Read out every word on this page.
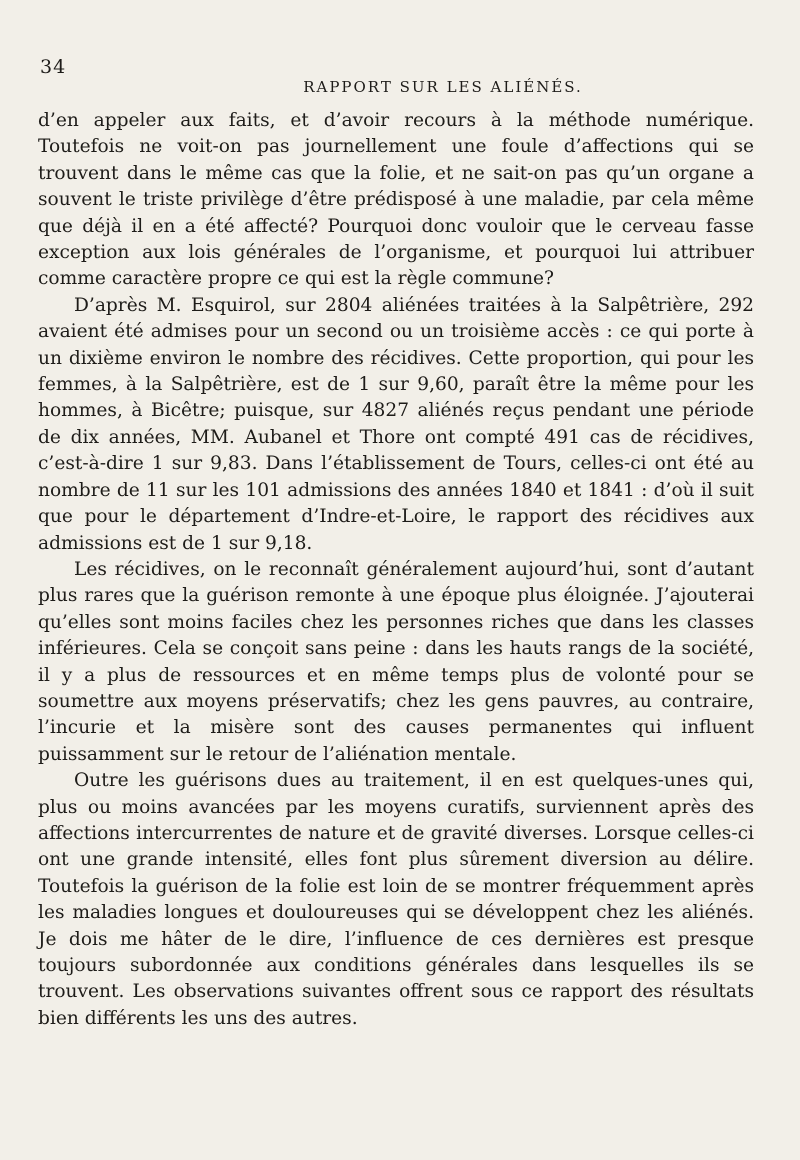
34
RAPPORT SUR LES ALIÉNÉS.

d’en appeler aux faits, et d’avoir recours à la méthode numérique. Toutefois ne voit-on pas journellement une foule d’affections qui se trouvent dans le même cas que la folie, et ne sait-on pas qu’un organe a souvent le triste privilège d’être prédisposé à une maladie, par cela même que déjà il en a été affecté? Pourquoi donc vouloir que le cerveau fasse exception aux lois générales de l’organisme, et pourquoi lui attribuer comme caractère propre ce qui est la règle commune?

D’après M. Esquirol, sur 2804 aliénées traitées à la Salpêtrière, 292 avaient été admises pour un second ou un troisième accès : ce qui porte à un dixième environ le nombre des récidives. Cette proportion, qui pour les femmes, à la Salpêtrière, est de 1 sur 9,60, paraît être la même pour les hommes, à Bicêtre; puisque, sur 4827 aliénés reçus pendant une période de dix années, MM. Aubanel et Thore ont compté 491 cas de récidives, c’est-à-dire 1 sur 9,83. Dans l’établissement de Tours, celles-ci ont été au nombre de 11 sur les 101 admissions des années 1840 et 1841 : d’où il suit que pour le département d’Indre-et-Loire, le rapport des récidives aux admissions est de 1 sur 9,18.

Les récidives, on le reconnaît généralement aujourd’hui, sont d’autant plus rares que la guérison remonte à une époque plus éloignée. J’ajouterai qu’elles sont moins faciles chez les personnes riches que dans les classes inférieures. Cela se conçoit sans peine : dans les hauts rangs de la société, il y a plus de ressources et en même temps plus de volonté pour se soumettre aux moyens préservatifs; chez les gens pauvres, au contraire, l’incurie et la misère sont des causes permanentes qui influent puissamment sur le retour de l’aliénation mentale.

Outre les guérisons dues au traitement, il en est quelques-unes qui, plus ou moins avancées par les moyens curatifs, surviennent après des affections intercurrentes de nature et de gravité diverses. Lorsque celles-ci ont une grande intensité, elles font plus sûrement diversion au délire. Toutefois la guérison de la folie est loin de se montrer fréquemment après les maladies longues et douloureuses qui se développent chez les aliénés. Je dois me hâter de le dire, l’influence de ces dernières est presque toujours subordonnée aux conditions générales dans lesquelles ils se trouvent. Les observations suivantes offrent sous ce rapport des résultats bien différents les uns des autres.
